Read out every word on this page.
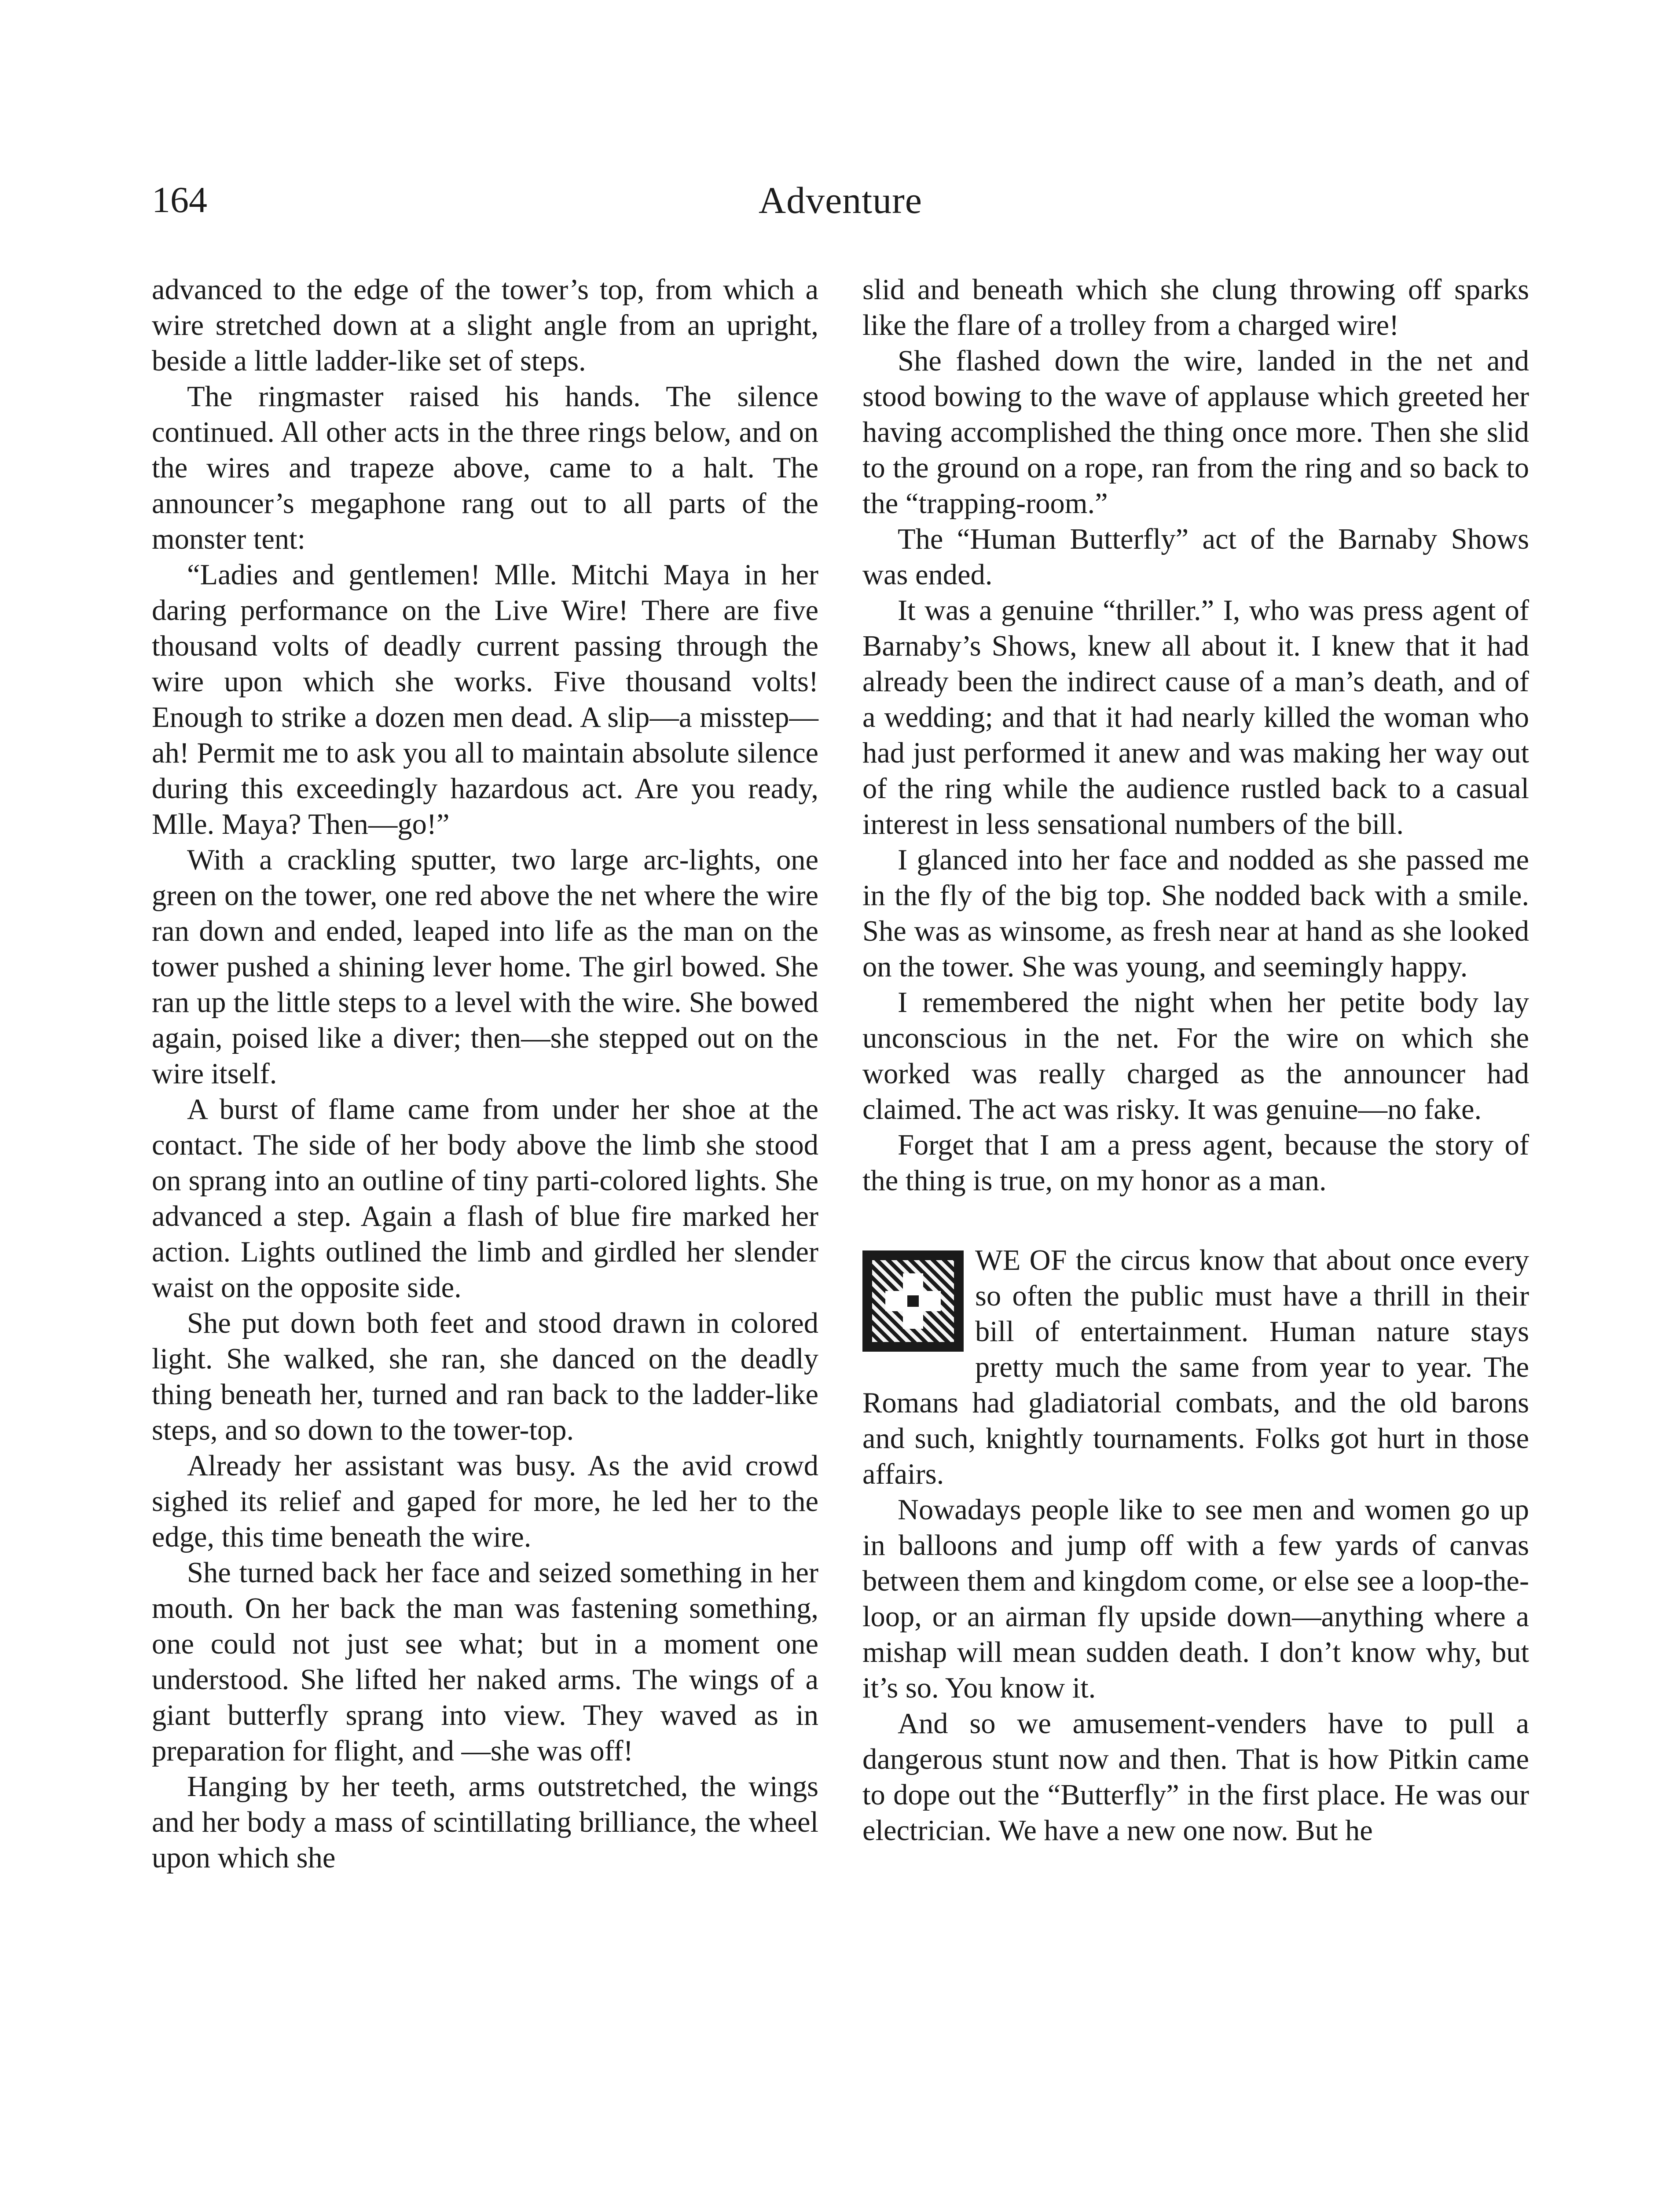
164	Adventure

advanced to the edge of the tower’s top, from which a wire stretched down at a slight angle from an upright, beside a little ladder-like set of steps.

The ringmaster raised his hands. The silence continued. All other acts in the three rings below, and on the wires and trapeze above, came to a halt. The announcer’s megaphone rang out to all parts of the monster tent:

“Ladies and gentlemen! Mlle. Mitchi Maya in her daring performance on the Live Wire! There are five thousand volts of deadly current passing through the wire upon which she works. Five thousand volts! Enough to strike a dozen men dead. A slip—a misstep—ah! Permit me to ask you all to maintain absolute silence during this exceedingly hazardous act. Are you ready, Mlle. Maya? Then—go!”

With a crackling sputter, two large arc-lights, one green on the tower, one red above the net where the wire ran down and ended, leaped into life as the man on the tower pushed a shining lever home. The girl bowed. She ran up the little steps to a level with the wire. She bowed again, poised like a diver; then—she stepped out on the wire itself.

A burst of flame came from under her shoe at the contact. The side of her body above the limb she stood on sprang into an outline of tiny parti-colored lights. She advanced a step. Again a flash of blue fire marked her action. Lights outlined the limb and girdled her slender waist on the opposite side.

She put down both feet and stood drawn in colored light. She walked, she ran, she danced on the deadly thing beneath her, turned and ran back to the ladder-like steps, and so down to the tower-top.

Already her assistant was busy. As the avid crowd sighed its relief and gaped for more, he led her to the edge, this time beneath the wire.

She turned back her face and seized something in her mouth. On her back the man was fastening something, one could not just see what; but in a moment one understood. She lifted her naked arms. The wings of a giant butterfly sprang into view. They waved as in preparation for flight, and —she was off!

Hanging by her teeth, arms outstretched, the wings and her body a mass of scintillating brilliance, the wheel upon which she

slid and beneath which she clung throwing off sparks like the flare of a trolley from a charged wire!

She flashed down the wire, landed in the net and stood bowing to the wave of applause which greeted her having accomplished the thing once more. Then she slid to the ground on a rope, ran from the ring and so back to the “trapping-room.”

The “Human Butterfly” act of the Barnaby Shows was ended.

It was a genuine “thriller.” I, who was press agent of Barnaby’s Shows, knew all about it. I knew that it had already been the indirect cause of a man’s death, and of a wedding; and that it had nearly killed the woman who had just performed it anew and was making her way out of the ring while the audience rustled back to a casual interest in less sensational numbers of the bill.

I glanced into her face and nodded as she passed me in the fly of the big top. She nodded back with a smile. She was as winsome, as fresh near at hand as she looked on the tower. She was young, and seemingly happy.

I remembered the night when her petite body lay unconscious in the net. For the wire on which she worked was really charged as the announcer had claimed. The act was risky. It was genuine—no fake.

Forget that I am a press agent, because the story of the thing is true, on my honor as a man.

WE OF the circus know that about once every so often the public must have a thrill in their bill of entertainment. Human nature stays pretty much the same from year to year. The Romans had gladiatorial combats, and the old barons and such, knightly tournaments. Folks got hurt in those affairs.

Nowadays people like to see men and women go up in balloons and jump off with a few yards of canvas between them and kingdom come, or else see a loop-the-loop, or an airman fly upside down—anything where a mishap will mean sudden death. I don’t know why, but it’s so. You know it.

And so we amusement-venders have to pull a dangerous stunt now and then. That is how Pitkin came to dope out the “Butterfly” in the first place. He was our electrician. We have a new one now. But he
